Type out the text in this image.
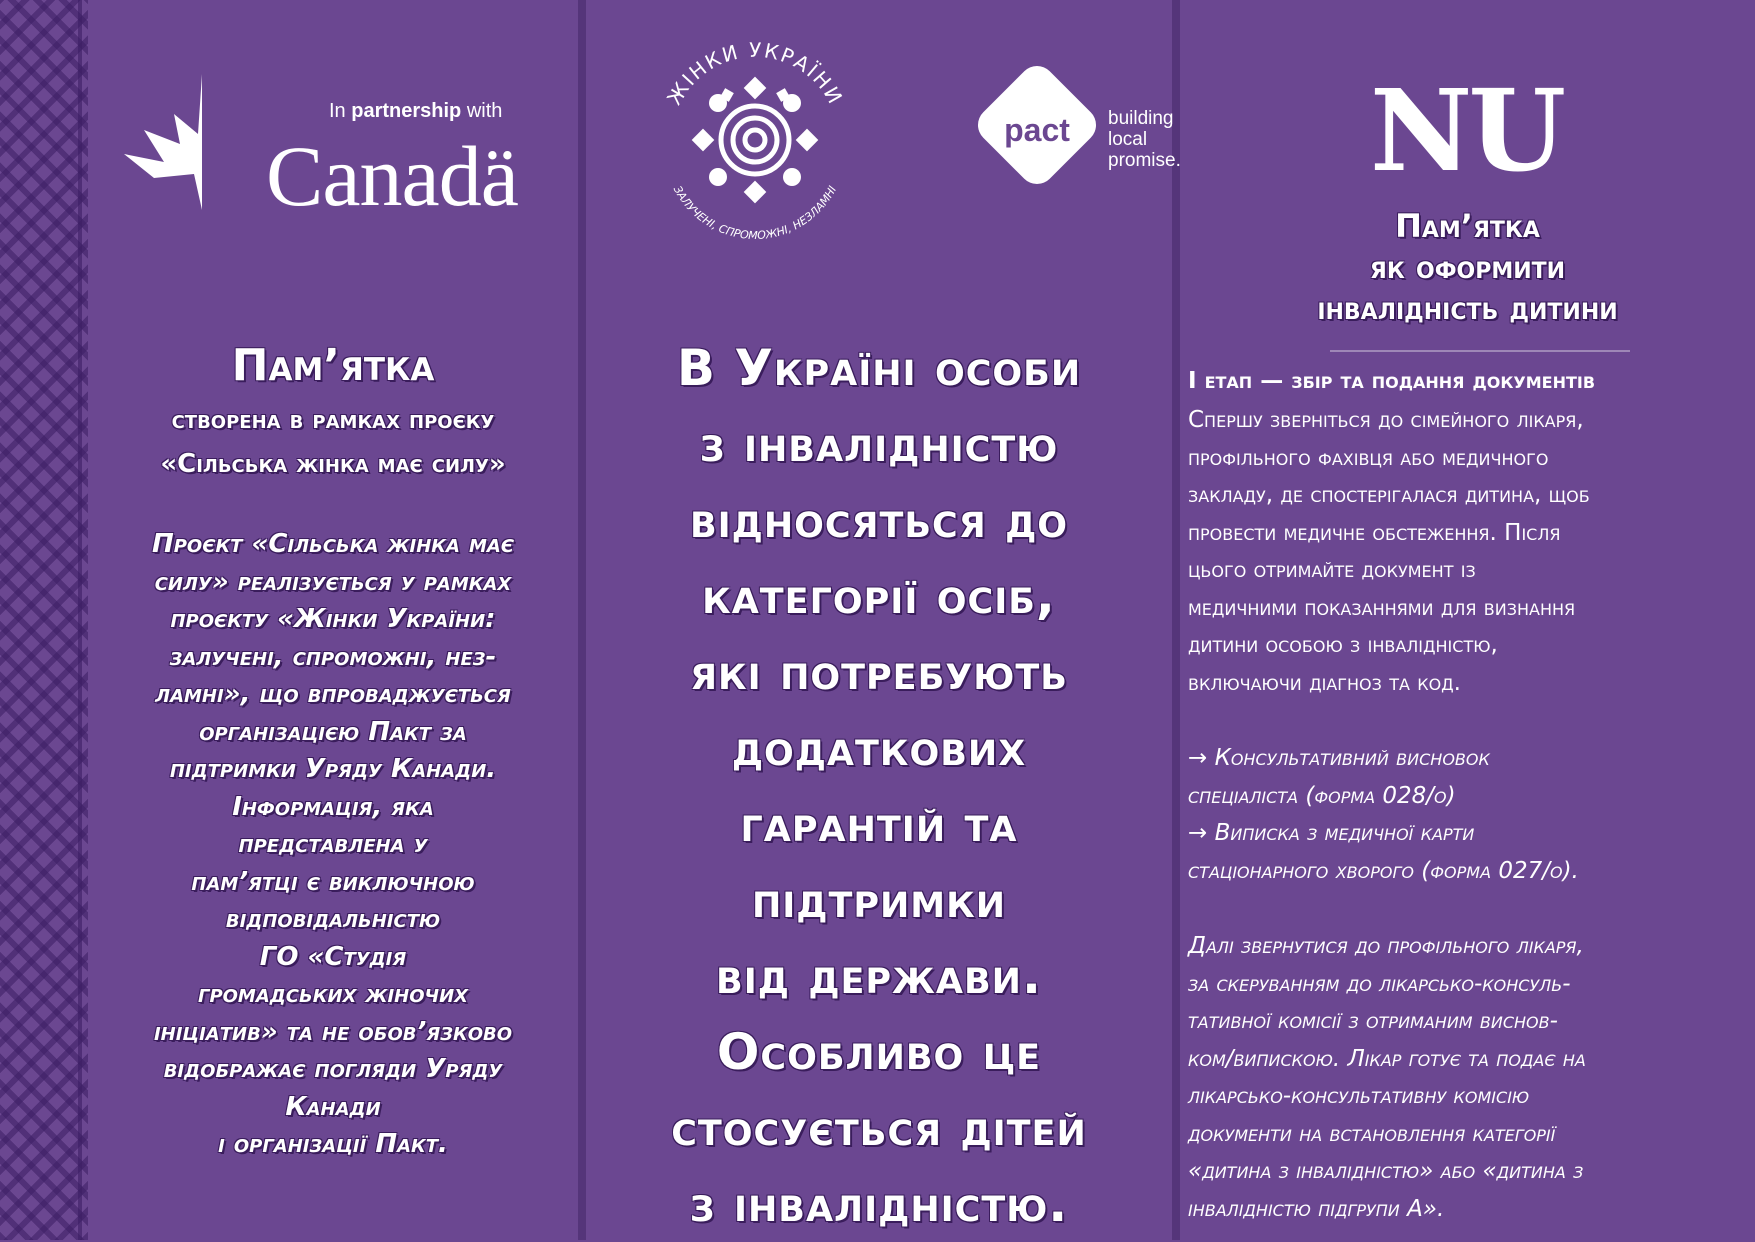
In partnership with
Canadä
Пам’ятка
створена в рамках проєку
«Сільська жінка має силу»
Проєкт «Сільська жінка має
силу» реалізується у рамках
проєкту «Жінки України:
залучені, спроможні, нез-
ламні», що впроваджується
організацією Пакт за
підтримки Уряду Канади.
Інформація, яка
представлена у
пам’ятці є виключною
відповідальністю
ГО «Студія
громадських жіночих
ініціатив» та не обов’язково
відображає погляди Уряду
Канади
і організації Пакт.
ЖІНКИ УКРАЇНИ
ЗАЛУЧЕНІ, СПРОМОЖНІ, НЕЗЛАМНІ
pact	building
local
promise.
В Україні особи
з інвалідністю
відносяться до
категорії осіб,
які потребують
додаткових
гарантій та
підтримки
від держави.
Особливо це
стосується дітей
з інвалідністю.
NU
Пам’ятка
як оформити
інвалідність дитини
І етап — збір та подання документів
Спершу зверніться до сімейного лікаря,
профільного фахівця або медичного
закладу, де спостерігалася дитина, щоб
провести медичне обстеження. Після
цього отримайте документ із
медичними показаннями для визнання
дитини особою з інвалідністю,
включаючи діагноз та код.
→ Консультативний висновок
спеціаліста (форма 028/о)
→ Виписка з медичної карти
стаціонарного хворого (форма 027/о).
Далі звернутися до профільного лікаря,
за скеруванням до лікарсько-консуль-
тативної комісії з отриманим виснов-
ком/випискою. Лікар готує та подає на
лікарсько-консультативну комісію
документи на встановлення категорії
«дитина з інвалідністю» або «дитина з
інвалідністю підгрупи А».
